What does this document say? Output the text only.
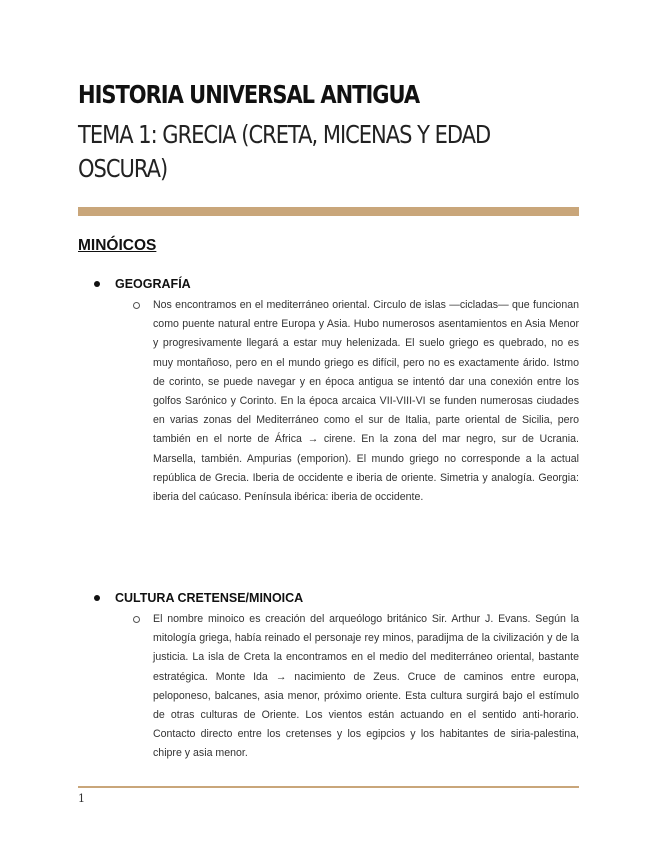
HISTORIA UNIVERSAL ANTIGUA
TEMA 1: GRECIA (CRETA, MICENAS Y EDAD OSCURA)
MINÓICOS
GEOGRAFÍA
Nos encontramos en el mediterráneo oriental. Circulo de islas —cicladas— que funcionan como puente natural entre Europa y Asia. Hubo numerosos asentamientos en Asia Menor y progresivamente llegará a estar muy helenizada. El suelo griego es quebrado, no es muy montañoso, pero en el mundo griego es difícil, pero no es exactamente árido. Istmo de corinto, se puede navegar y en época antigua se intentó dar una conexión entre los golfos Sarónico y Corinto. En la época arcaica VII-VIII-VI se funden numerosas ciudades en varias zonas del Mediterráneo como el sur de Italia, parte oriental de Sicilia, pero también en el norte de África → cirene. En la zona del mar negro, sur de Ucrania. Marsella, también. Ampurias (emporion). El mundo griego no corresponde a la actual república de Grecia. Iberia de occidente e iberia de oriente. Simetria y analogía. Georgia: iberia del caúcaso. Península ibérica: iberia de occidente.
CULTURA CRETENSE/MINOICA
El nombre minoico es creación del arqueólogo británico Sir. Arthur J. Evans. Según la mitología griega, había reinado el personaje rey minos, paradijma de la civilización y de la justicia. La isla de Creta la encontramos en el medio del mediterráneo oriental, bastante estratégica. Monte Ida → nacimiento de Zeus. Cruce de caminos entre europa, peloponeso, balcanes, asia menor, próximo oriente. Esta cultura surgirá bajo el estímulo de otras culturas de Oriente. Los vientos están actuando en el sentido anti-horario. Contacto directo entre los cretenses y los egipcios y los habitantes de siria-palestina, chipre y asia menor.
1
